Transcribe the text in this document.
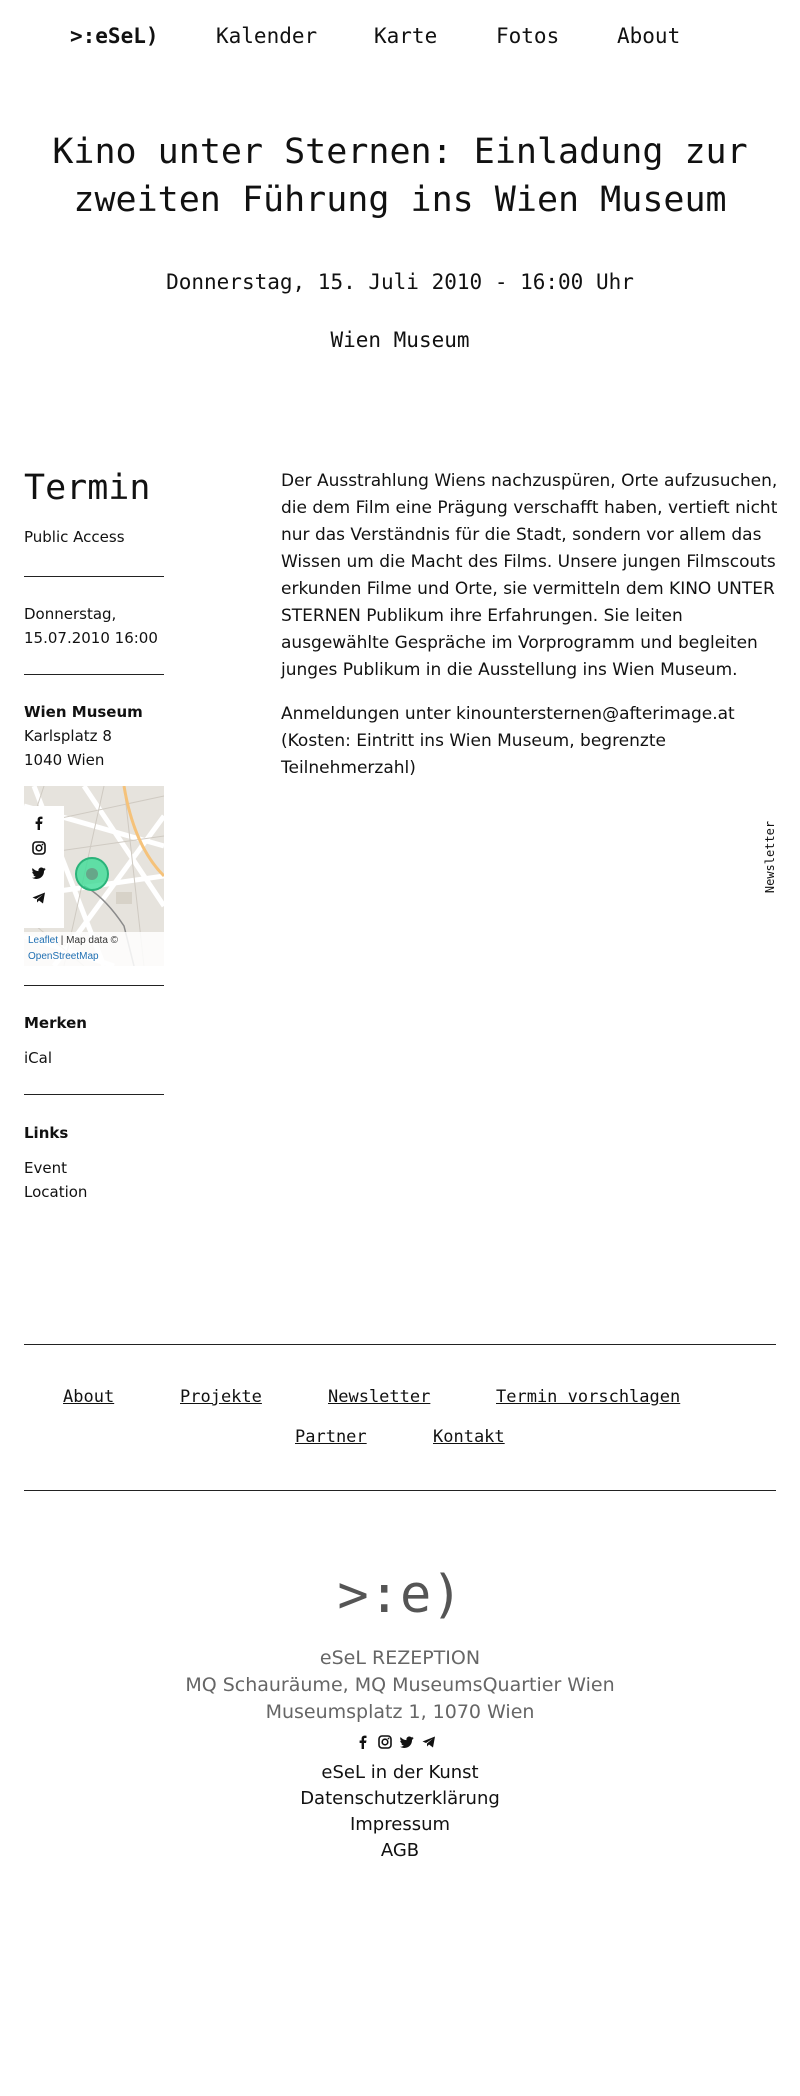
>:eSeL)	Kalender	Karte	Fotos	About
Kino unter Sternen: Einladung zur zweiten Führung ins Wien Museum
Donnerstag, 15. Juli 2010 - 16:00 Uhr
Wien Museum
Termin
Public Access
Donnerstag,
15.07.2010 16:00
Wien Museum
Karlsplatz 8
1040 Wien
Leaflet | Map data ©
OpenStreetMap
Merken
iCal
Links
Event
Location

Der Ausstrahlung Wiens nachzuspüren, Orte aufzusuchen, die dem Film eine Prägung verschafft haben, vertieft nicht nur das Verständnis für die Stadt, sondern vor allem das Wissen um die Macht des Films. Unsere jungen Filmscouts erkunden Filme und Orte, sie vermitteln dem KINO UNTER STERNEN Publikum ihre Erfahrungen. Sie leiten ausgewählte Gespräche im Vorprogramm und begleiten junges Publikum in die Ausstellung ins Wien Museum.

Anmeldungen unter kinountersternen@afterimage.at (Kosten: Eintritt ins Wien Museum, begrenzte Teilnehmerzahl)

Newsletter
About	Projekte	Newsletter	Termin vorschlagen
Partner	Kontakt
>:e)
eSeL REZEPTION
MQ Schauräume, MQ MuseumsQuartier Wien
Museumsplatz 1, 1070 Wien
eSeL in der Kunst
Datenschutzerklärung
Impressum
AGB
